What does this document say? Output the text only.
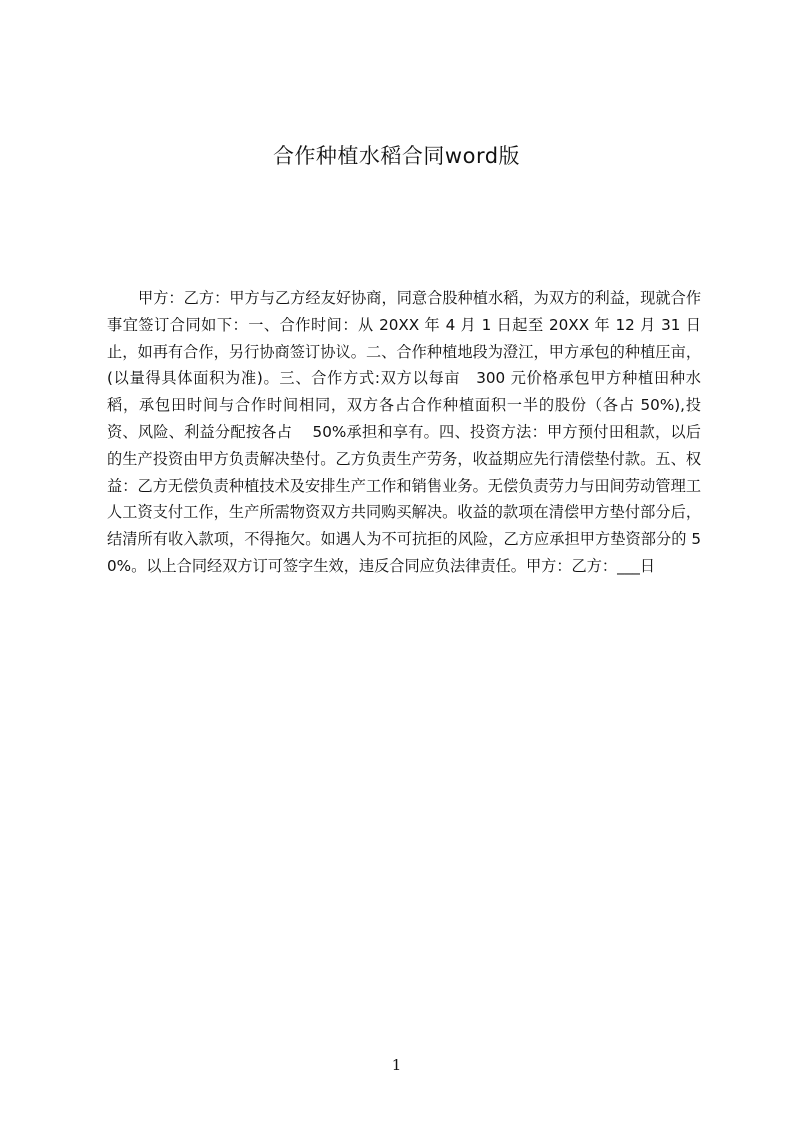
合作种植水稻合同word版
甲方：乙方：甲方与乙方经友好协商，同意合股种植水稻，为双方的利益，现就合作事宜签订合同如下：一、合作时间：从 20XX 年 4 月 1 日起至 20XX 年 12 月 31 日止，如再有合作，另行协商签订协议。二、合作种植地段为澄江，甲方承包的种植圧亩，(以量得具体面积为准)。三、合作方式:双方以每亩　300 元价格承包甲方种植田种水稻，承包田时间与合作时间相同，双方各占合作种植面积一半的股份（各占 50%),投资、风险、利益分配按各占　 50%承担和享有。四、投资方法：甲方预付田租款，以后的生产投资由甲方负责解决垫付。乙方负责生产劳务，收益期应先行清偿垫付款。五、权益：乙方无偿负责种植技术及安排生产工作和销售业务。无偿负责劳力与田间劳动管理工人工资支付工作，生产所需物资双方共同购买解决。收益的款项在清偿甲方垫付部分后，结清所有收入款项，不得拖欠。如遇人为不可抗拒的风险，乙方应承担甲方垫资部分的 50%。以上合同经双方订可签字生效，违反合同应负法律责任。甲方：乙方：___日
1
